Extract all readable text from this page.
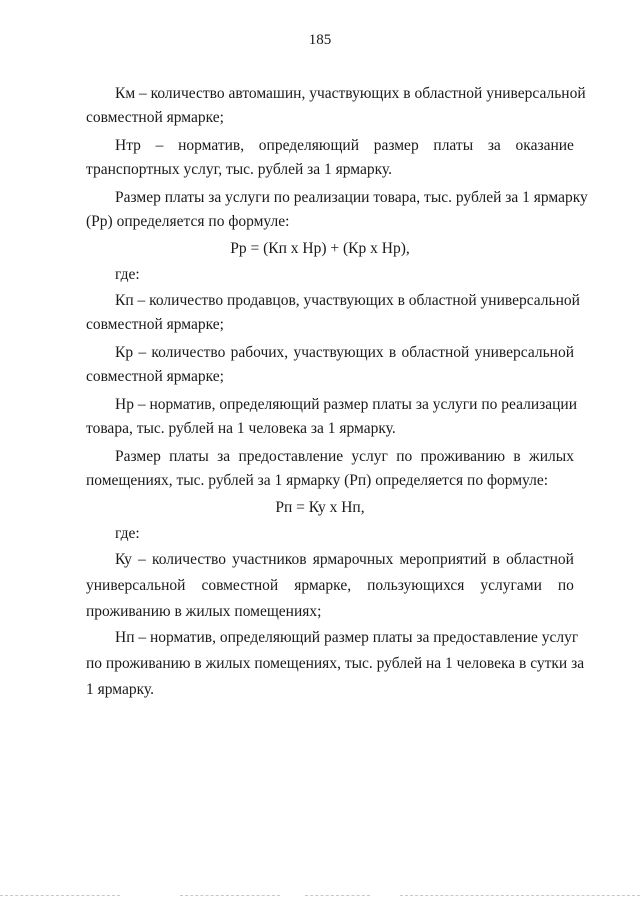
185
Км – количество автомашин, участвующих в областной универсальной
совместной ярмарке;
Нтр – норматив, определяющий размер платы за оказание
транспортных услуг, тыс. рублей за 1 ярмарку.
Размер платы за услуги по реализации товара, тыс. рублей за 1 ярмарку
(Рр) определяется по формуле:
Рр = (Кп х Нр) + (Кр х Нр),
где:
Кп – количество продавцов, участвующих в областной универсальной
совместной ярмарке;
Кр – количество рабочих, участвующих в областной универсальной
совместной ярмарке;
Нр – норматив, определяющий размер платы за услуги по реализации
товара, тыс. рублей на 1 человека за 1 ярмарку.
Размер платы за предоставление услуг по проживанию в жилых
помещениях, тыс. рублей за 1 ярмарку (Рп) определяется по формуле:
Рп = Ку х Нп,
где:
Ку – количество участников ярмарочных мероприятий в областной
универсальной совместной ярмарке, пользующихся услугами по
проживанию в жилых помещениях;
Нп – норматив, определяющий размер платы за предоставление услуг
по проживанию в жилых помещениях, тыс. рублей на 1 человека в сутки за
1 ярмарку.
